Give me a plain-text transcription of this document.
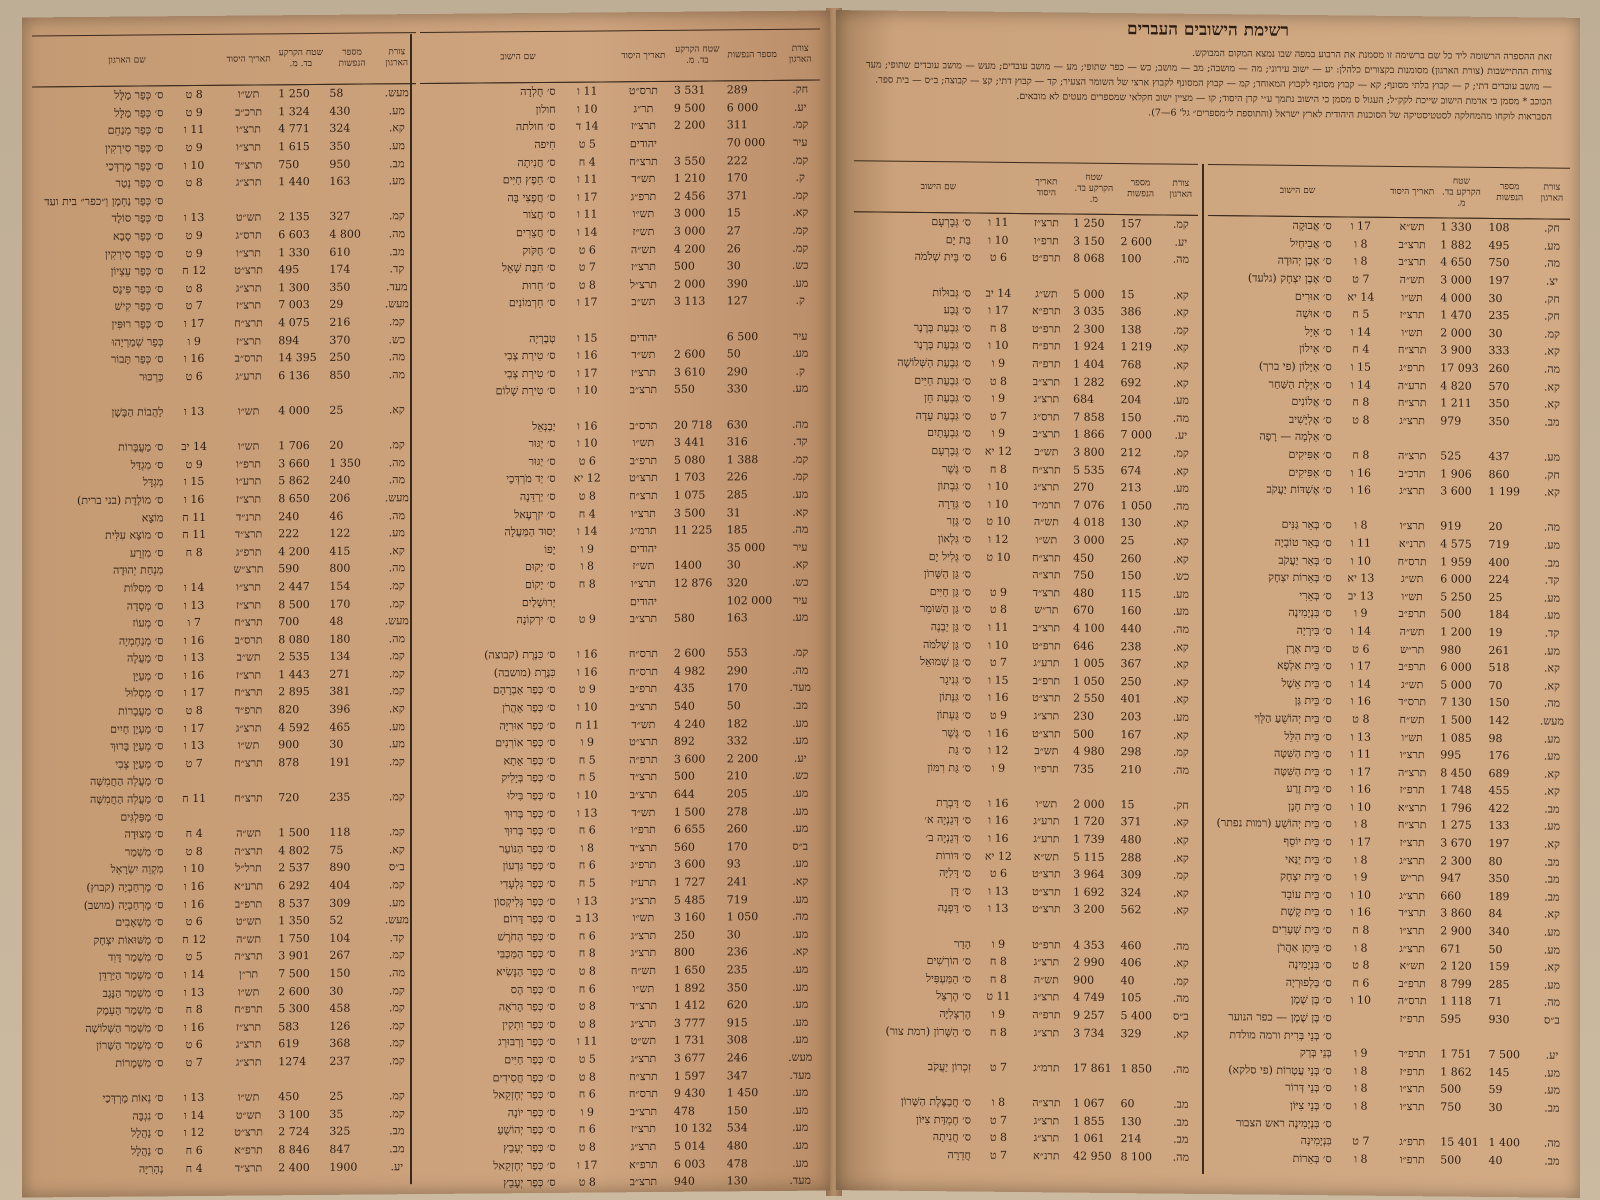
צורת הארגון	מספר הנפשות	שטח הקרקע בד. מ.	תאריך היסוד	שם הארגון	
מעש.	58	1 250	תש״ו	8 ט	ס׳ כְּפַר מַלָּל
מע.	430	1 324	תרכ״ב	9 ט	ס׳ כְּפַר מַלָּל
קא.	324	4 771	תרצ״ו	11 ו	ס׳ כְּפַר מְנַחֵם
מע.	350	1 615	תרצ״ו	9 ט	ס׳ כְּפַר סִירְקִין
מב.	950	750	תרצ״ד	10 ו	ס׳ כְּפַר מָרְדְּכַי
מע.	163	1 440	תרצ״ג	8 ט	ס׳ כְּפַר נְטַר
					ס׳ כְּפַר נַחְמָן וְ״כפר״ בית ועד
קמ.	327	2 135	תש״ט	13 ו	ס׳ כְּפַר סוֹלָד
מה.	4 800	6 603	תרס״ג	9 ט	ס׳ כְּפַר סָבָא
מב.	610	1 330	תרצ״ו	9 ט	ס׳ כְּפַר סִירְקִין
קד.	174	495	תרצ״ט	12 ח	ס׳ כְּפַר עֵצְיוֹן
מעד.	350	1 300	תרצ״ג	8 ט	ס׳ כְּפַר פִּינֶס
מעש.	29	7 003	תרצ״ז	7 ט	ס׳ כְּפַר קִישׁ
קמ.	216	4 075	תרצ״ח	17 ו	ס׳ כְּפַר רוּפִּין
כש.	370	894	תרצ״ז	9 ו	כְּפַר שְׁמַרְיָהוּ
מה.	250	14 395	תרס״ב	16 ו	ס׳ כְּפַר תָּבוֹר
מה.	850	6 136	תרע״ג	6 ט	כַּרְכּוּר

קא.	25	4 000	תש״ו	13 ו	לַהֲבוֹת הַבָּשָׁן

קמ.	20	1 706	תש״ו	14 יב	ס׳ מַעֲבָּרוֹת
מה.	1 350	3 660	תרפ״ו	9 ט	ס׳ מִגְדַּל
מה.	240	5 862	תרע״ו	15 ו	מִגְדָּל
מעש.	206	8 650	תרצ״ז	16 ו	ס׳ מוֹלֶדֶת (בני ברית)
מה.	46	240	תרנ״ד	11 ח	מוֹצָא
מע.	122	222	תרצ״ד	11 ח	ס׳ מוֹצָא עִלִּית
קא.	415	4 200	תרפ״ג	8 ח	ס׳ מִזְרָע
מה.	800	590	תרצ״ש		מִנְחַת יְהוּדָה
קמ.	154	2 447	תרצ״ו	14 ו	ס׳ מְסִלּוֹת
קמ.	170	8 500	תרצ״ז	13 ו	ס׳ מְסָדָה
מעש.	48	700	תרצ״ח	7 ו	ס׳ מְעוֹז
מה.	180	8 080	תרס״ב	16 ו	ס׳ מְנַחֶמְיָה
קמ.	134	2 535	תש״ב	13 ו	ס׳ מַעֲלֶה
קמ.	271	1 443	תרצ״ז	16 ו	ס׳ מְעַיָּן
קמ.	381	2 895	תרצ״ח	17 ו	ס׳ מַסְלוּל
קא.	396	820	תרפ״ד	8 ט	ס׳ מַעֲבָרוֹת
מע.	465	4 592	תרצ״ג	17 ו	ס׳ מַעְיָן חָיִים
מע.	30	900	תש״ו	13 ו	ס׳ מְעַיָּן בָּרוּךְ
קמ.	191	878	תרצ״ח	7 ט	ס׳ מְעַיָּן צְבִי
					ס׳ מַעֲלֵה הַחֲמִשָּׁה
קמ.	235	720	תרצ״ח	11 ח	ס׳ מַעֲלֵה הַחֲמִשָּׁה
					ס׳ מַפַּלְגִּים
קמ.	118	1 500	תש״ה	4 ח	ס׳ מְצוּדָה
קא.	75	4 802	תרצ״ה	8 ט	ס׳ מִשְׁמַר
ב״ס	890	2 537	תרל״ל	10 ו	מִקְוֵה יִשְׂרָאֵל
קמ.	404	6 292	תרע״א	16 ו	ס׳ מֶרְחַבְיָה (קבוץ)
מע.	309	8 537	תרפ״ב	16 ו	ס׳ מֶרְחַבְיָה (מושב)
מעש.	52	1 350	תש״ט	6 ט	ס׳ מַשְׁאָבִים
קד.	104	1 750	תש״ה	12 ח	ס׳ מַשּׁוּאוֹת יִצְחָק
קמ.	267	3 901	תרצ״ה	5 ט	ס׳ מִשְׁמַר דָּוִד
מה.	150	7 500	תר״ן	14 ו	ס׳ מִשְׁמַר הַיַּרְדֵּן
קמ.	30	2 600	תש״ו	13 ו	ס׳ מִשְׁמַר הַנֶּגֶב
קמ.	458	5 300	תרפ״ח	8 ח	ס׳ מִשְׁמַר הָעֵמֶק
קמ.	126	583	תרצ״ז	16 ו	ס׳ מִשְׁמַר הַשְּׁלוֹשָׁה
קמ.	368	619	תרצ״ג	6 ט	ס׳ מִשְׁמַר הַשָּׁרוֹן
קמ.	237	1274	תרצ״ג	7 ט	ס׳ מִשְׁמָרוֹת

קמ.	25	450	תש״ו	13 ו	ס׳ נְאוֹת מָרְדְּכַי
קמ.	35	3 100	תש״ט	14 ו	ס׳ נִגְבָּה
מב.	325	2 724	תרצ״ט	12 ו	ס׳ נַהֲלָל
מב.	847	8 846	תרפ״א	6 ח	ס׳ נַהֲלָל
יע.	1900	2 400	תרצ״ד	4 ח	נְהָרִיָּה
צורת הארגון	מספר הנפשות	שטח הקרקע בד. מ.	תאריך היסוד	שם הישוב	
חק.	289	3 531	תרס״ט	11 ו	ס׳ חֻלְדָה
יע.	6 000	9 500	תר״ג	10 ו	חולון
קמ.	311	2 200	תרצ״ז	14 ד	ס׳ חולתה
עיר	70 000		יהודים	5 ט	חִיפה
קמ.	222	3 550	תרצ״ח	4 ח	ס׳ חֲנִיתָה
ק.	170	1 210	תש״ד	11 ו	ס׳ חֵפֶץ חַיִּים
קמ.	371	2 456	תרפ״ג	17 ו	ס׳ חֲפֶצִי בָּה
קא.	15	3 000	תש״ו	11 ו	ס׳ חֲצֹור
קמ.	27	3 000	תש״ז	14 ו	ס׳ חֲצֵרִים
קמ.	26	4 200	תש״ה	6 ט	ס׳ חֻקֹּוק
כש.	30	500	תרצ״ז	7 ט	ס׳ חִבַּת שָׁאֵל
מע.	390	2 000	תרצ״ל	8 ט	ס׳ חֵרוּת
ק.	127	3 113	תש״ב	17 ו	ס׳ חֵרְמוֹנִים

עיר	6 500		יהודים	15 ו	טְבֶרְיָה
מע.	50	2 600	תש״ד	16 ו	ס׳ טִירַת צְבִי
ק.	290	3 610	תרצ״ז	17 ו	ס׳ טִירַת צְבִי
מע.	330	550	תרצ״ב	10 ו	ס׳ טִירַת שָׁלוֹם

מה.	630	20 718	תרס״ב	16 ו	יַבְנְאֵל
קד.	316	3 441	תש״ו	10 ו	ס׳ יַגּוּר
קמ.	1 388	5 080	תרפ״ב	6 ט	ס׳ יַגּוּר
קמ.	226	1 703	תרצ״ט	12 יא	ס׳ יַד מֹרְדְּכַי
מע.	285	1 075	תרצ״ח	8 ט	ס׳ יַרְדֵּנָה
קא.	31	3 500	תרצ״ו	4 ח	ס׳ יִזְרְעֶאל
מה.	185	11 225	תרמ״ג	14 ו	יְסוּד הַמַּעֲלָה
עיר	35 000		יהודים	9 ו	יָפוֹ
קא.	30	1400	תש״ז	8 ו	ס׳ יָקוּם
כש.	320	12 876	תרצ״ו	8 ח	ס׳ יָקוֹם
עיר	102 000		יהודים		יְרוּשָׁלַיִם
מע.	163	580	תרצ״ב	9 ט	ס׳ יִרְקוֹנָה

קמ.	553	2 600	תרס״ח	16 ו	ס׳ כִּנֶּרֶת (קבוצה)
מה.	290	4 982	תרס״ח	16 ו	כִּנֶּרֶת (מושבה)
מעד.	170	435	תרפ״ב	9 ט	ס׳ כְּפַר אַבְרָהָם
מב.	50	540	תרצ״ב	10 ו	ס׳ כְּפַר אַהֲרֹן
מע.	182	4 240	תש״ד	11 ח	ס׳ כְּפַר אוּרִיָּה
מע.	332	892	תרצ״ט	9 ו	ס׳ כְּפַר אוֹרְנִים
יע.	2 200	3 600	תרפ״ה	5 ח	ס׳ כְּפַר אָתָא
כש.	210	500	תרצ״ד	5 ח	ס׳ כְּפַר בְּיָלִיק
מע.	205	644	תרצ״ב	10 ו	ס׳ כְּפַר בִּילוּ
מע.	278	1 500	תש״ד	13 ו	ס׳ כְּפַר בְּרוּךְ
מע.	260	6 655	תרפ״ו	6 ח	ס׳ כְּפַר בְּרוּךְ
ב״ס	170	560	תרצ״ד	8 ו	ס׳ כְּפַר הַנּוֹעַר
מע.	93	3 600	תרפ״ג	6 ח	ס׳ כְּפַר גִּדְעוֹן
קא.	241	1 727	תרע״ז	5 ח	ס׳ כְּפַר גִּלְעָדִי
מע.	719	5 485	תרצ״ג	13 ו	ס׳ כְּפַר גְּלִיקְסוֹן
מה.	1 050	3 160	תש״ו	13 ב	ס׳ כְּפַר דָּרוֹם
מע.	30	250	תרצ״ג	6 ח	ס׳ כְּפַר הַחֹרֶשׁ
קא.	236	800	תרצ״ג	8 ח	ס׳ כְּפַר הַמַּכַּבִּי
מע.	235	1 650	תש״ח	8 ט	ס׳ כְּפַר הַנָּשִׂיא
מע.	350	1 892	תש״ו	6 ח	ס׳ כְּפַר הֶס
מע.	620	1 412	תרצ״ד	8 ט	ס׳ כְּפַר הָרֹאֶה
מע.	915	3 777	תרצ״ג	8 ט	ס׳ כְּפַר וִתְקִין
מע.	308	1 731	תש״ט	11 ו	ס׳ כְּפַר וָרְבּוּרְג
מעש.	246	3 677	תרצ״ג	5 ט	ס׳ כְּפַר חַיִּים
מעד.	347	1 597	תרצ״ח	8 ט	ס׳ כְּפַר חֲסִידִים
מע.	1 450	9 430	תרס״ח	6 ח	ס׳ כְּפַר יְחֶזְקֵאל
מע.	150	478	תרצ״ב	9 ו	ס׳ כְּפַר יוֹנָה
מע.	534	10 132	תרצ״ז	6 ח	ס׳ כְּפַר יְהוֹשֻׁעַ
מע.	480	5 014	תרצ״ג	8 ט	ס׳ כְּפַר יְעָבֵץ
מע.	478	6 003	תרפ״א	17 ו	ס׳ כְּפַר יְחֶזְקֵאל
מעד.	130	940	תרצ״ב	8 ט	ס׳ כְּפַר יְעָבֵץ
רשימת הישובים העברים

זאת ההספרה הרשומה ליד כל שם ברשימה זו מסמנת את הרבוע במפה שבו נמצא המקום המבוקש.

צורות ההתיישבות (צורת הארגון) מסומנות בקצורים כלהלן: יע — ישוב עירוני; מה — מושבה; מב — מושב; כש — כפר שתופי; מע — מושב עובדים; מעש — מושב עובדים שתופי; מעד — מושב עובדים דתי; ק — קבוץ בלתי מסונף; קא — קבוץ מסונף לקבוץ המאוחד; קמ — קבוץ המסונף לקבוץ ארצי של השומר הצעיר; קד — קבוץ דתי; קצ — קבוצה; ב״ס — בית ספר.

הכוכב * מסמן כי אדמת הישוב שייכת לקק״ל; העגול ס מסמן כי הישוב נתמך ע״י קרן היסוד; קו — מציין ישוב חקלאי שמספרים מעטים לא מובאים.

הסבראות לוקחו מהמחלקה לסטטיסטיקה של הסוכנות היהודית לארץ ישראל (והתוספת ל״מספרים״ גל' 6—7).

צורת הארגון	מספר הנפשות	שטח הקרקע בד. מ.	תאריך היסוד	שם הישוב	
קמ.	157	1 250	תרצ״ז	11 ו	ס׳ גְּבָרְעָם
יע.	2 600	3 150	תרפ״ו	10 ו	בַּת יָם
מה.	100	8 068	תרפ״ט	6 ט	ס׳ בֵּית שְׁלֹמֹה

קא.	15	5 000	תש״ג	14 יב	ס׳ גְּבוּלוֹת
קא.	386	3 035	תרפ״א	17 ו	ס׳ גֶּבַע
קמ.	138	2 300	תרפ״ט	8 ח	ס׳ גִּבְעַת בְּרֶנֶר
קא.	1 219	1 924	תרפ״ח	10 ו	ס׳ גִּבְעַת בְּרֶנֶר
קא.	768	1 404	תרפ״ה	9 ו	ס׳ גִּבְעַת הַשְּׁלוֹשָׁה
קא.	692	1 282	תרצ״ב	8 ט	ס׳ גִּבְעַת חַיִּים
מע.	204	684	תרצ״ג	9 ו	ס׳ גִּבְעַת חֵן
מה.	150	7 858	תרס״ג	7 ט	ס׳ גִּבְעַת עָדָה
יע.	7 000	1 866	תרצ״ב	9 ו	ס׳ גִּבְעָתַיִם
קמ.	212	3 800	תש״ב	12 יא	ס׳ גְּבַרְעָם
קא.	674	5 535	תרצ״ח	8 ח	ס׳ גֶּשֶׁר
מע.	213	270	תרצ״ג	10 ו	ס׳ גִּבְתוֹן
מה.	1 050	7 076	תרמ״ד	10 ו	ס׳ גְּדֵרָה
קא.	130	4 018	תש״ה	10 ט	ס׳ גֶּזֶר
קא.	25	3 000	תש״ו	12 ו	ס׳ גִּלְאוֹן
קא.	260	450	תרצ״ח	10 ט	ס׳ גְּלִיל יָם
כש.	150	750	תרצ״ה		ס׳ גַּן הַשָּׁרוֹן
מע.	115	480	תרצ״ד	9 ט	ס׳ גַּן חַיִּים
מע.	160	670	תר״ש	8 ט	ס׳ גַּן הַשּׁוֹמֵר
מה.	440	4 100	תרצ״ב	11 ו	ס׳ גַּן יַבְנֶה
קא.	238	646	תרפ״ט	10 ו	ס׳ גַּן שְׁלֹמֹה
קא.	367	1 005	תרע״ג	7 ט	ס׳ גַּן שְׁמוּאֵל
קא.	250	1 050	תרפ״ב	15 ו	ס׳ גְּנִיגָר
קא.	401	2 550	תרצ״ט	16 ו	ס׳ גִּנְּתוֹן
מע.	203	230	תרצ״ג	9 ט	ס׳ גַּעְתוֹן
קא.	167	500	תרצ״ט	16 ו	ס׳ גֶּשֶׁר
קמ.	298	4 980	תש״ב	12 ו	ס׳ גַּת
מה.	210	735	תרפ״ו	9 ו	ס׳ גַּת רִמּוֹן

חק.	15	2 000	תש״ו	16 ו	ס׳ דַּבְרַת
קא.	371	1 720	תרע״ג	16 ו	ס׳ דְּגַנְיָה א׳
קא.	480	1 739	תרע״ג	16 ו	ס׳ דְּגַנְיָה ב׳
קא.	288	5 115	תש״א	12 יא	ס׳ דּוֹרוֹת
קמ.	309	3 964	תרצ״ט	6 ט	ס׳ דָּלִיָּה
קא.	324	1 692	תרצ״ט	13 ו	ס׳ דָּן
קא.	562	3 200	תרצ״ט	13 ו	ס׳ דַּפְנָה

מה.	460	4 353	תרפ״ט	9 ו	הָדַר
קא.	406	2 990	תרצ״ג	8 ח	ס׳ הוֹרְשִׁים
קמ.	40	900	תש״ה	8 ח	ס׳ הַמַּעְפִּיל
מה.	105	4 749	תרצ״ג	11 ט	ס׳ הֶרְצֵל
ב״ס	5 400	9 257	תרפ״ה	9 ו	הֶרְצְלִיָּה
קא.	329	3 734	תרצ״ג	8 ח	ס׳ הַשָּׁרוֹן (רמת צור)

מה.	1 850	17 861	תרמ״ג	7 ט	זִכְרוֹן יַעֲקֹב

מב.	60	1 067	תרצ״ה	8 ו	ס׳ חֲבַצֶּלֶת הַשָּׁרוֹן
מב.	130	1 855	תרצ״ג	7 ט	ס׳ חֶמְדַּת צִיּוֹן
מב.	214	1 061	תרצ״ג	8 ט	ס׳ חֲנִיתָה
מה.	8 100	42 950	תרנ״א	7 ט	חֲדֵרָה
צורת הארגון	מספר הנפשות	שטח הקרקע בד. מ.	תאריך היסוד	שם הישוב	
חק.	108	1 330	תש״א	17 ו	ס׳ אֲבוּקָה
מע.	495	1 882	תרצ״ב	8 ו	ס׳ אֲבִיחַיִל
מה.	750	4 650	תרצ״ב	8 ו	ס׳ אֶבֶן יְהוּדָה
יצ.	197	3 000	תש״ה	7 ט	ס׳ אֶבֶן יִצְחָק (גלעד)
חק.	30	4 000	תש״ו	14 יא	ס׳ אוּרִים
חק.	235	1 470	תרצ״ז	5 ח	ס׳ אוּשָׁה
קמ.	30	2 000	תש״ו	14 ו	ס׳ אֵיָל
קא.	333	3 900	תרצ״ח	4 ח	ס׳ אֵילוֹן
מה.	260	17 093	תרפ״ג	15 ו	ס׳ אַיָּלוֹן (פי ברך)
קא.	570	4 820	תרע״ה	14 ו	ס׳ אַיֶּלֶת הַשַּׁחַר
קא.	350	1 211	תרצ״ח	8 ח	ס׳ אֲלוֹנִים
מב.	350	979	תרצ״ג	8 ט	ס׳ אֶלְיָשִׁיב
					ס׳ אַלְמָה — רָפָה
מע.	437	525	תרצ״ה	8 ח	ס׳ אַפִּיקִים
חק.	860	1 906	תרכ״ב	16 ו	ס׳ אַפִּיקִים
קא.	1 199	3 600	תרצ״ג	16 ו	ס׳ אֶשְׁדּוֹת יַעֲקֹב

מה.	20	919	תרצ״ו	8 ו	ס׳ בְּאֵר גַּנִּים
מע.	719	4 575	תרנ״א	11 ו	ס׳ בְּאֵר טוֹבְיָה
מב.	400	1 959	תרס״ח	10 ו	ס׳ בְּאֵר יַעֲקֹב
קד.	224	6 000	תש״ג	13 יא	ס׳ בְּאֵרוֹת יִצְחָק
מע.	25	5 250	תש״ו	13 יב	ס׳ בְּאֵרִי
מע.	184	500	תרפ״ב	9 ו	ס׳ בִּנְיָמִינָה
קד.	19	1 200	תש״ה	14 ו	ס׳ בִּירָיָה
מע.	261	980	תר״ש	6 ט	ס׳ בֵּית אָרֶן
קא.	518	6 000	תרפ״ב	17 ו	ס׳ בֵּית אַלְפָא
קא.	70	5 000	תש״ג	14 ו	ס׳ בֵּית אֵשֶׁל
מה.	150	7 130	תרס״ד	16 ו	ס׳ בֵּית גַּן
מעש.	142	1 500	תש״ח	8 ט	ס׳ בֵּית יְהוֹשֻׁעַ הַלְּוִי
מע.	98	1 085	תש״ו	13 ו	ס׳ בֵּית הִלֵּל
מע.	176	995	תרצ״ו	11 ו	ס׳ בֵּית הַשִּׁטָּה
קא.	689	8 450	תרצ״ה	17 ו	ס׳ בֵּית הַשִּׁטָּה
קא.	455	1 748	תרפ״ז	16 ו	ס׳ בֵּית זֶרַע
מב.	422	1 796	תרצ״א	10 ו	ס׳ בֵּית חָנָן
מע.	133	1 275	תרצ״ח	8 ו	ס׳ בֵּית יְהוֹשֻׁעַ (רמות נפתר)
קא.	197	3 670	תרצ״ז	17 ו	ס׳ בֵּית יוֹסֵף
מב.	80	2 300	תרצ״ג	8 ו	ס׳ בֵּית יַנַּאי
מב.	350	947	תר״ש	9 ו	ס׳ בֵּית יִצְחָק
מב.	189	660	תרצ״ג	10 ו	ס׳ בֵּית עוֹבֵד
קא.	84	3 860	תרצ״ד	16 ו	ס׳ בֵּית קֶשֶׁת
מע.	340	2 900	תרצ״ו	8 ח	ס׳ בֵּית שְׁעָרִים
מע.	50	671	תרצ״ג	8 ו	ס׳ בֵּיתָן אַהֲרֹן
קא.	159	2 120	תש״א	8 ט	ס׳ בִּנְיָמִינָה
מע.	285	8 799	תרפ״ב	6 ח	ס׳ בַּלְפוּרְיָה
מה.	71	1 118	תרס״ה	10 ו	ס׳ בֶּן שֶׁמֶן
ב״ס	930	595	תרפ״ז		ס׳ בֶּן שֶׁמֶן — כפר הנוער
					ס׳ בְּנֵי בְּרִית ורמה מולדת
יע.	7 500	1 751	תרפ״ד	9 ו	בְּנֵי בְּרַק
מע.	145	1 862	תרפ״ז	8 ו	ס׳ בְּנֵי עֲטָרוֹת (פי סלקא)
מע.	59	500	תרצ״ו	8 ו	ס׳ בְּנֵי דְּרוֹר
מב.	30	750	תרצ״ו	8 ו	ס׳ בְּנֵי צִיּוֹן
					ס׳ בִּנְיָמִינָה ראש הצבור
מה.	1 400	15 401	תרפ״ג	7 ט	בִּנְיָמִינָה
מב.	40	500	תרפ״ו	8 ו	ס׳ בְּאֵרוֹת
